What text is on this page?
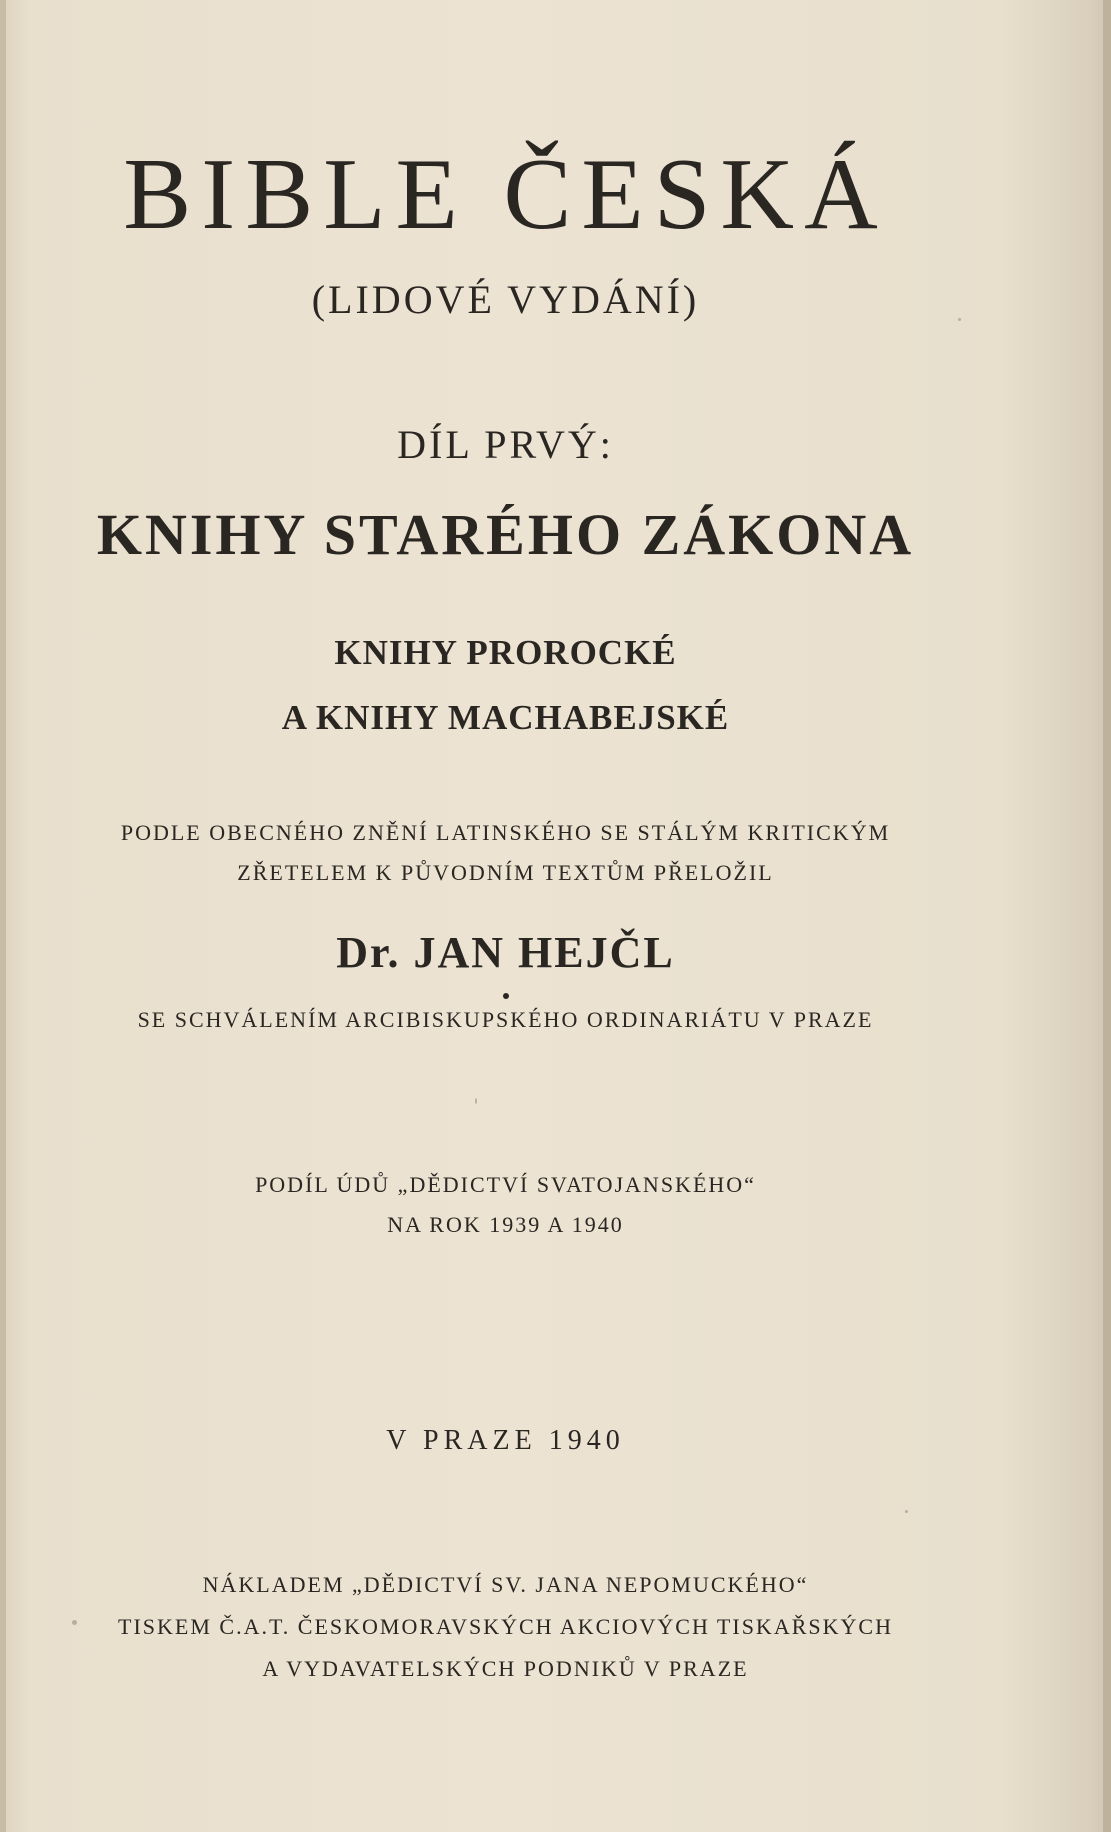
BIBLE ČESKÁ
(LIDOVÉ VYDÁNÍ)
DÍL PRVÝ:
KNIHY STARÉHO ZÁKONA
KNIHY PROROCKÉ
A KNIHY MACHABEJSKÉ
PODLE OBECNÉHO ZNĚNÍ LATINSKÉHO SE STÁLÝM KRITICKÝM
ZŘETELEM K PŮVODNÍM TEXTŮM PŘELOŽIL
Dr. JAN HEJČL
SE SCHVÁLENÍM ARCIBISKUPSKÉHO ORDINARIÁTU V PRAZE
PODÍL ÚDŮ „DĚDICTVÍ SVATOJANSKÉHO“
NA ROK 1939 A 1940
V PRAZE 1940
NÁKLADEM „DĚDICTVÍ SV. JANA NEPOMUCKÉHO“
TISKEM Č.A.T. ČESKOMORAVSKÝCH AKCIOVÝCH TISKAŘSKÝCH
A VYDAVATELSKÝCH PODNIKŮ V PRAZE
